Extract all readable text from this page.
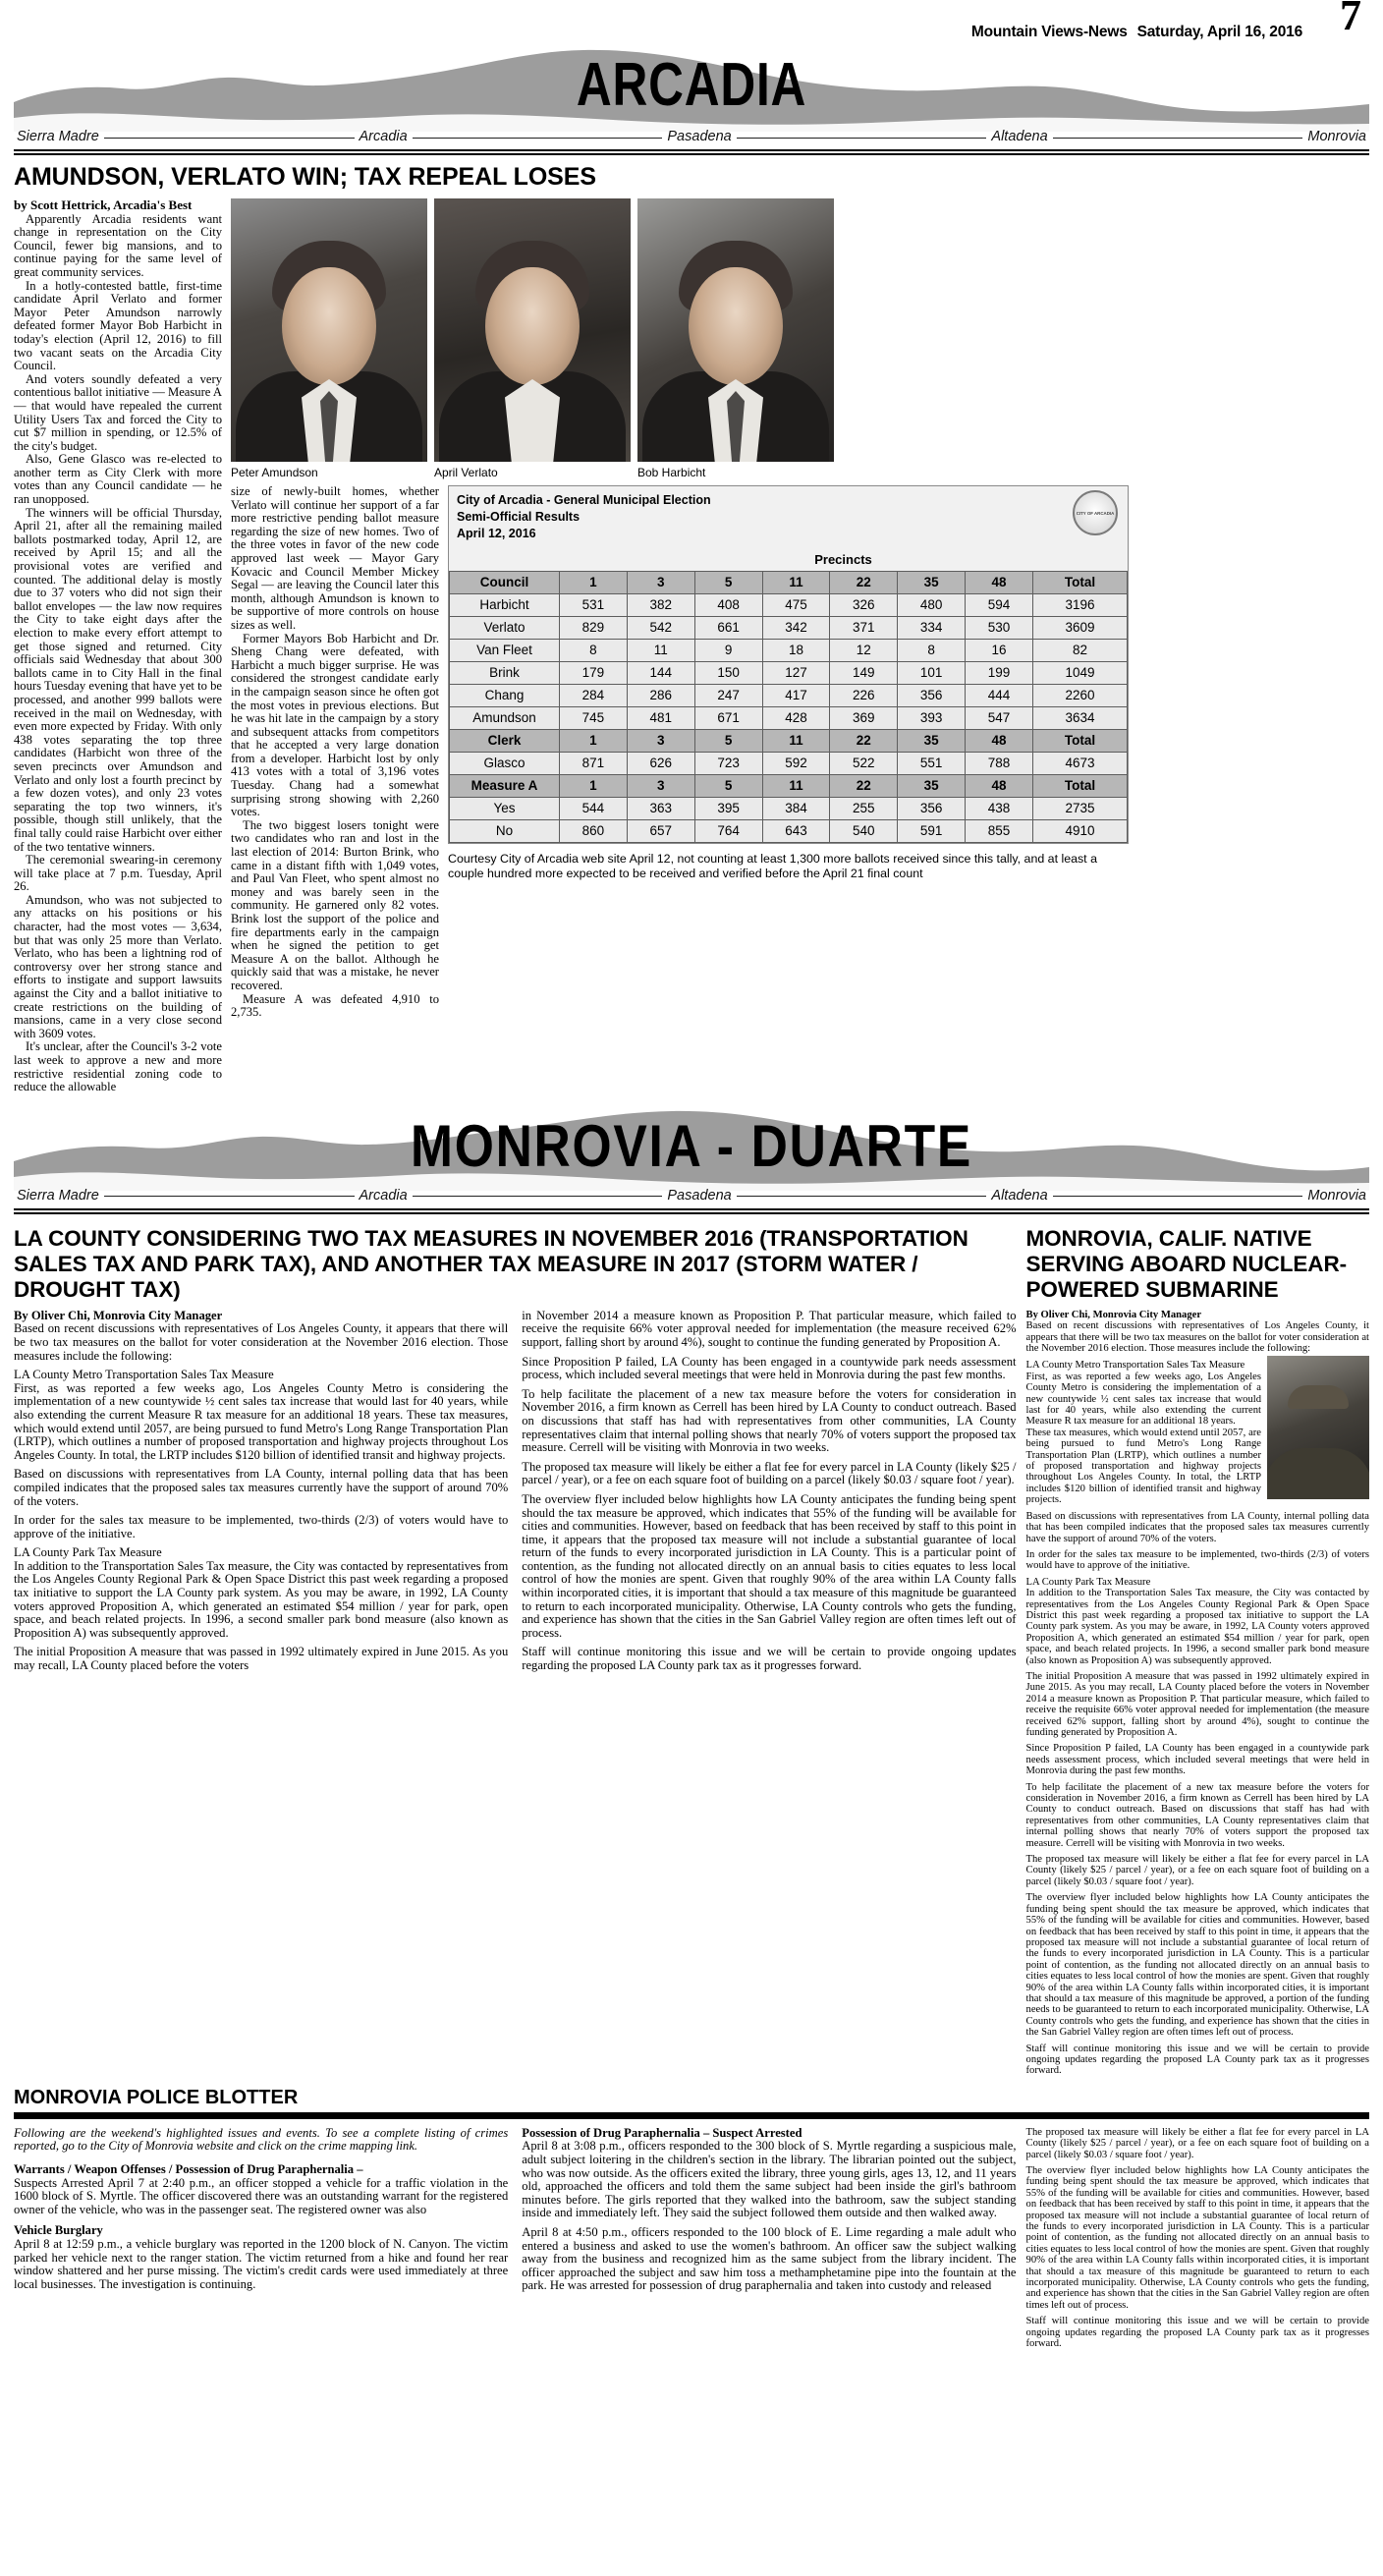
7
Mountain Views-News Saturday, April 16, 2016
ARCADIA
Sierra Madre	Arcadia	Pasadena	Altadena	Monrovia
AMUNDSON, VERLATO WIN; TAX REPEAL LOSES
by Scott Hettrick, Arcadia's Best

Apparently Arcadia residents want change in representation on the City Council, fewer big mansions, and to continue paying for the same level of great community services.

In a hotly-contested battle, first-time candidate April Verlato and former Mayor Peter Amundson narrowly defeated former Mayor Bob Harbicht in today's election (April 12, 2016) to fill two vacant seats on the Arcadia City Council.

And voters soundly defeated a very contentious ballot initiative — Measure A — that would have repealed the current Utility Users Tax and forced the City to cut $7 million in spending, or 12.5% of the city's budget.

Also, Gene Glasco was re-elected to another term as City Clerk with more votes than any Council candidate — he ran unopposed.

The winners will be official Thursday, April 21, after all the remaining mailed ballots postmarked today, April 12, are received by April 15; and all the provisional votes are verified and counted. The additional delay is mostly due to 37 voters who did not sign their ballot envelopes — the law now requires the City to take eight days after the election to make every effort attempt to get those signed and returned. City officials said Wednesday that about 300 ballots came in to City Hall in the final hours Tuesday evening that have yet to be processed, and another 999 ballots were received in the mail on Wednesday, with even more expected by Friday. With only 438 votes separating the top three candidates (Harbicht won three of the seven precincts over Amundson and Verlato and only lost a fourth precinct by a few dozen votes), and only 23 votes separating the top two winners, it's possible, though still unlikely, that the final tally could raise Harbicht over either of the two tentative winners.

The ceremonial swearing-in ceremony will take place at 7 p.m. Tuesday, April 26.

Amundson, who was not subjected to any attacks on his positions or his character, had the most votes — 3,634, but that was only 25 more than Verlato. Verlato, who has been a lightning rod of controversy over her strong stance and efforts to instigate and support lawsuits against the City and a ballot initiative to create restrictions on the building of mansions, came in a very close second with 3609 votes.

It's unclear, after the Council's 3-2 vote last week to approve a new and more restrictive residential zoning code to reduce the allowable

Peter Amundson	April Verlato	Bob Harbicht

size of newly-built homes, whether Verlato will continue her support of a far more restrictive pending ballot measure regarding the size of new homes. Two of the three votes in favor of the new code approved last week — Mayor Gary Kovacic and Council Member Mickey Segal — are leaving the Council later this month, although Amundson is known to be supportive of more controls on house sizes as well.

Former Mayors Bob Harbicht and Dr. Sheng Chang were defeated, with Harbicht a much bigger surprise. He was considered the strongest candidate early in the campaign season since he often got the most votes in previous elections. But he was hit late in the campaign by a story and subsequent attacks from competitors that he accepted a very large donation from a developer. Harbicht lost by only 413 votes with a total of 3,196 votes Tuesday. Chang had a somewhat surprising strong showing with 2,260 votes.

The two biggest losers tonight were two candidates who ran and lost in the last election of 2014: Burton Brink, who came in a distant fifth with 1,049 votes, and Paul Van Fleet, who spent almost no money and was barely seen in the community. He garnered only 82 votes. Brink lost the support of the police and fire departments early in the campaign when he signed the petition to get Measure A on the ballot. Although he quickly said that was a mistake, he never recovered.

Measure A was defeated 4,910 to 2,735.

City of Arcadia - General Municipal Election
Semi-Official Results
April 12, 2016
CITY OF ARCADIA
	Precincts							
Council	1	3	5	11	22	35	48	Total
Harbicht	531	382	408	475	326	480	594	3196
Verlato	829	542	661	342	371	334	530	3609
Van Fleet	8	11	9	18	12	8	16	82
Brink	179	144	150	127	149	101	199	1049
Chang	284	286	247	417	226	356	444	2260
Amundson	745	481	671	428	369	393	547	3634
Clerk	1	3	5	11	22	35	48	Total
Glasco	871	626	723	592	522	551	788	4673
Measure A	1	3	5	11	22	35	48	Total
Yes	544	363	395	384	255	356	438	2735
No	860	657	764	643	540	591	855	4910
Courtesy City of Arcadia web site April 12, not counting at least 1,300 more ballots received since this tally, and at least a couple hundred more expected to be received and verified before the April 21 final count
MONROVIA - DUARTE
Sierra Madre	Arcadia	Pasadena	Altadena	Monrovia
LA COUNTY CONSIDERING TWO TAX MEASURES IN NOVEMBER 2016 (TRANSPORTATION SALES TAX AND PARK TAX), AND ANOTHER TAX MEASURE IN 2017 (STORM WATER / DROUGHT TAX)

By Oliver Chi, Monrovia City Manager

Based on recent discussions with representatives of Los Angeles County, it appears that there will be two tax measures on the ballot for voter consideration at the November 2016 election. Those measures include the following:

LA County Metro Transportation Sales Tax Measure

First, as was reported a few weeks ago, Los Angeles County Metro is considering the implementation of a new countywide ½ cent sales tax increase that would last for 40 years, while also extending the current Measure R tax measure for an additional 18 years. These tax measures, which would extend until 2057, are being pursued to fund Metro's Long Range Transportation Plan (LRTP), which outlines a number of proposed transportation and highway projects throughout Los Angeles County. In total, the LRTP includes $120 billion of identified transit and highway projects.

Based on discussions with representatives from LA County, internal polling data that has been compiled indicates that the proposed sales tax measures currently have the support of around 70% of the voters.

In order for the sales tax measure to be implemented, two-thirds (2/3) of voters would have to approve of the initiative.

LA County Park Tax Measure

In addition to the Transportation Sales Tax measure, the City was contacted by representatives from the Los Angeles County Regional Park & Open Space District this past week regarding a proposed tax initiative to support the LA County park system. As you may be aware, in 1992, LA County voters approved Proposition A, which generated an estimated $54 million / year for park, open space, and beach related projects. In 1996, a second smaller park bond measure (also known as Proposition A) was subsequently approved.

The initial Proposition A measure that was passed in 1992 ultimately expired in June 2015. As you may recall, LA County placed before the voters

in November 2014 a measure known as Proposition P. That particular measure, which failed to receive the requisite 66% voter approval needed for implementation (the measure received 62% support, falling short by around 4%), sought to continue the funding generated by Proposition A.

Since Proposition P failed, LA County has been engaged in a countywide park needs assessment process, which included several meetings that were held in Monrovia during the past few months.

To help facilitate the placement of a new tax measure before the voters for consideration in November 2016, a firm known as Cerrell has been hired by LA County to conduct outreach. Based on discussions that staff has had with representatives from other communities, LA County representatives claim that internal polling shows that nearly 70% of voters support the proposed tax measure. Cerrell will be visiting with Monrovia in two weeks.

The proposed tax measure will likely be either a flat fee for every parcel in LA County (likely $25 / parcel / year), or a fee on each square foot of building on a parcel (likely $0.03 / square foot / year).

The overview flyer included below highlights how LA County anticipates the funding being spent should the tax measure be approved, which indicates that 55% of the funding will be available for cities and communities. However, based on feedback that has been received by staff to this point in time, it appears that the proposed tax measure will not include a substantial guarantee of local return of the funds to every incorporated jurisdiction in LA County. This is a particular point of contention, as the funding not allocated directly on an annual basis to cities equates to less local control of how the monies are spent. Given that roughly 90% of the area within LA County falls within incorporated cities, it is important that should a tax measure of this magnitude be guaranteed to return to each incorporated municipality. Otherwise, LA County controls who gets the funding, and experience has shown that the cities in the San Gabriel Valley region are often times left out of process.

Staff will continue monitoring this issue and we will be certain to provide ongoing updates regarding the proposed LA County park tax as it progresses forward.

MONROVIA, CALIF. NATIVE SERVING ABOARD NUCLEAR-POWERED SUBMARINE

By Oliver Chi, Monrovia City Manager

Based on recent discussions with representatives of Los Angeles County, it appears that there will be two tax measures on the ballot for voter consideration at the November 2016 election. Those measures include the following:

LA County Metro Transportation Sales Tax Measure

First, as was reported a few weeks ago, Los Angeles County Metro is considering the implementation of a new countywide ½ cent sales tax increase that would last for 40 years, while also extending the current Measure R tax measure for an additional 18 years.

These tax measures, which would extend until 2057, are being pursued to fund Metro's Long Range Transportation Plan (LRTP), which outlines a number of proposed transportation and highway projects throughout Los Angeles County. In total, the LRTP includes $120 billion of identified transit and highway projects.

Based on discussions with representatives from LA County, internal polling data that has been compiled indicates that the proposed sales tax measures currently have the support of around 70% of the voters.

In order for the sales tax measure to be implemented, two-thirds (2/3) of voters would have to approve of the initiative.

LA County Park Tax Measure

In addition to the Transportation Sales Tax measure, the City was contacted by representatives from the Los Angeles County Regional Park & Open Space District this past week regarding a proposed tax initiative to support the LA County park system. As you may be aware, in 1992, LA County voters approved Proposition A, which generated an estimated $54 million / year for park, open space, and beach related projects. In 1996, a second smaller park bond measure (also known as Proposition A) was subsequently approved.

The initial Proposition A measure that was passed in 1992 ultimately expired in June 2015. As you may recall, LA County placed before the voters in November 2014 a measure known as Proposition P. That particular measure, which failed to receive the requisite 66% voter approval needed for implementation (the measure received 62% support, falling short by around 4%), sought to continue the funding generated by Proposition A.

Since Proposition P failed, LA County has been engaged in a countywide park needs assessment process, which included several meetings that were held in Monrovia during the past few months.

To help facilitate the placement of a new tax measure before the voters for consideration in November 2016, a firm known as Cerrell has been hired by LA County to conduct outreach. Based on discussions that staff has had with representatives from other communities, LA County representatives claim that internal polling shows that nearly 70% of voters support the proposed tax measure. Cerrell will be visiting with Monrovia in two weeks.

The proposed tax measure will likely be either a flat fee for every parcel in LA County (likely $25 / parcel / year), or a fee on each square foot of building on a parcel (likely $0.03 / square foot / year).

The overview flyer included below highlights how LA County anticipates the funding being spent should the tax measure be approved, which indicates that 55% of the funding will be available for cities and communities. However, based on feedback that has been received by staff to this point in time, it appears that the proposed tax measure will not include a substantial guarantee of local return of the funds to every incorporated jurisdiction in LA County. This is a particular point of contention, as the funding not allocated directly on an annual basis to cities equates to less local control of how the monies are spent. Given that roughly 90% of the area within LA County falls within incorporated cities, it is important that should a tax measure of this magnitude be approved, a portion of the funding needs to be guaranteed to return to each incorporated municipality. Otherwise, LA County controls who gets the funding, and experience has shown that the cities in the San Gabriel Valley region are often times left out of process.

Staff will continue monitoring this issue and we will be certain to provide ongoing updates regarding the proposed LA County park tax as it progresses forward.

MONROVIA POLICE BLOTTER

Following are the weekend's highlighted issues and events. To see a complete listing of crimes reported, go to the City of Monrovia website and click on the crime mapping link.

Warrants / Weapon Offenses / Possession of Drug Paraphernalia –

Suspects Arrested April 7 at 2:40 p.m., an officer stopped a vehicle for a traffic violation in the 1600 block of S. Myrtle. The officer discovered there was an outstanding warrant for the registered owner of the vehicle, who was in the passenger seat. The registered owner was also

Vehicle Burglary

April 8 at 12:59 p.m., a vehicle burglary was reported in the 1200 block of N. Canyon. The victim parked her vehicle next to the ranger station. The victim returned from a hike and found her rear window shattered and her purse missing. The victim's credit cards were used immediately at three local businesses. The investigation is continuing.

Possession of Drug Paraphernalia – Suspect Arrested

April 8 at 3:08 p.m., officers responded to the 300 block of S. Myrtle regarding a suspicious male, adult subject loitering in the children's section in the library. The librarian pointed out the subject, who was now outside. As the officers exited the library, three young girls, ages 13, 12, and 11 years old, approached the officers and told them the same subject had been inside the girl's bathroom minutes before. The girls reported that they walked into the bathroom, saw the subject standing inside and immediately left. They said the subject followed them outside and then walked away.

April 8 at 4:50 p.m., officers responded to the 100 block of E. Lime regarding a male adult who entered a business and asked to use the women's bathroom. An officer saw the subject walking away from the business and recognized him as the same subject from the library incident. The officer approached the subject and saw him toss a methamphetamine pipe into the fountain at the park. He was arrested for possession of drug paraphernalia and taken into custody and released

The proposed tax measure will likely be either a flat fee for every parcel in LA County (likely $25 / parcel / year), or a fee on each square foot of building on a parcel (likely $0.03 / square foot / year).

The overview flyer included below highlights how LA County anticipates the funding being spent should the tax measure be approved, which indicates that 55% of the funding will be available for cities and communities. However, based on feedback that has been received by staff to this point in time, it appears that the proposed tax measure will not include a substantial guarantee of local return of the funds to every incorporated jurisdiction in LA County. This is a particular point of contention, as the funding not allocated directly on an annual basis to cities equates to less local control of how the monies are spent. Given that roughly 90% of the area within LA County falls within incorporated cities, it is important that should a tax measure of this magnitude be guaranteed to return to each incorporated municipality. Otherwise, LA County controls who gets the funding, and experience has shown that the cities in the San Gabriel Valley region are often times left out of process.

Staff will continue monitoring this issue and we will be certain to provide ongoing updates regarding the proposed LA County park tax as it progresses forward.
